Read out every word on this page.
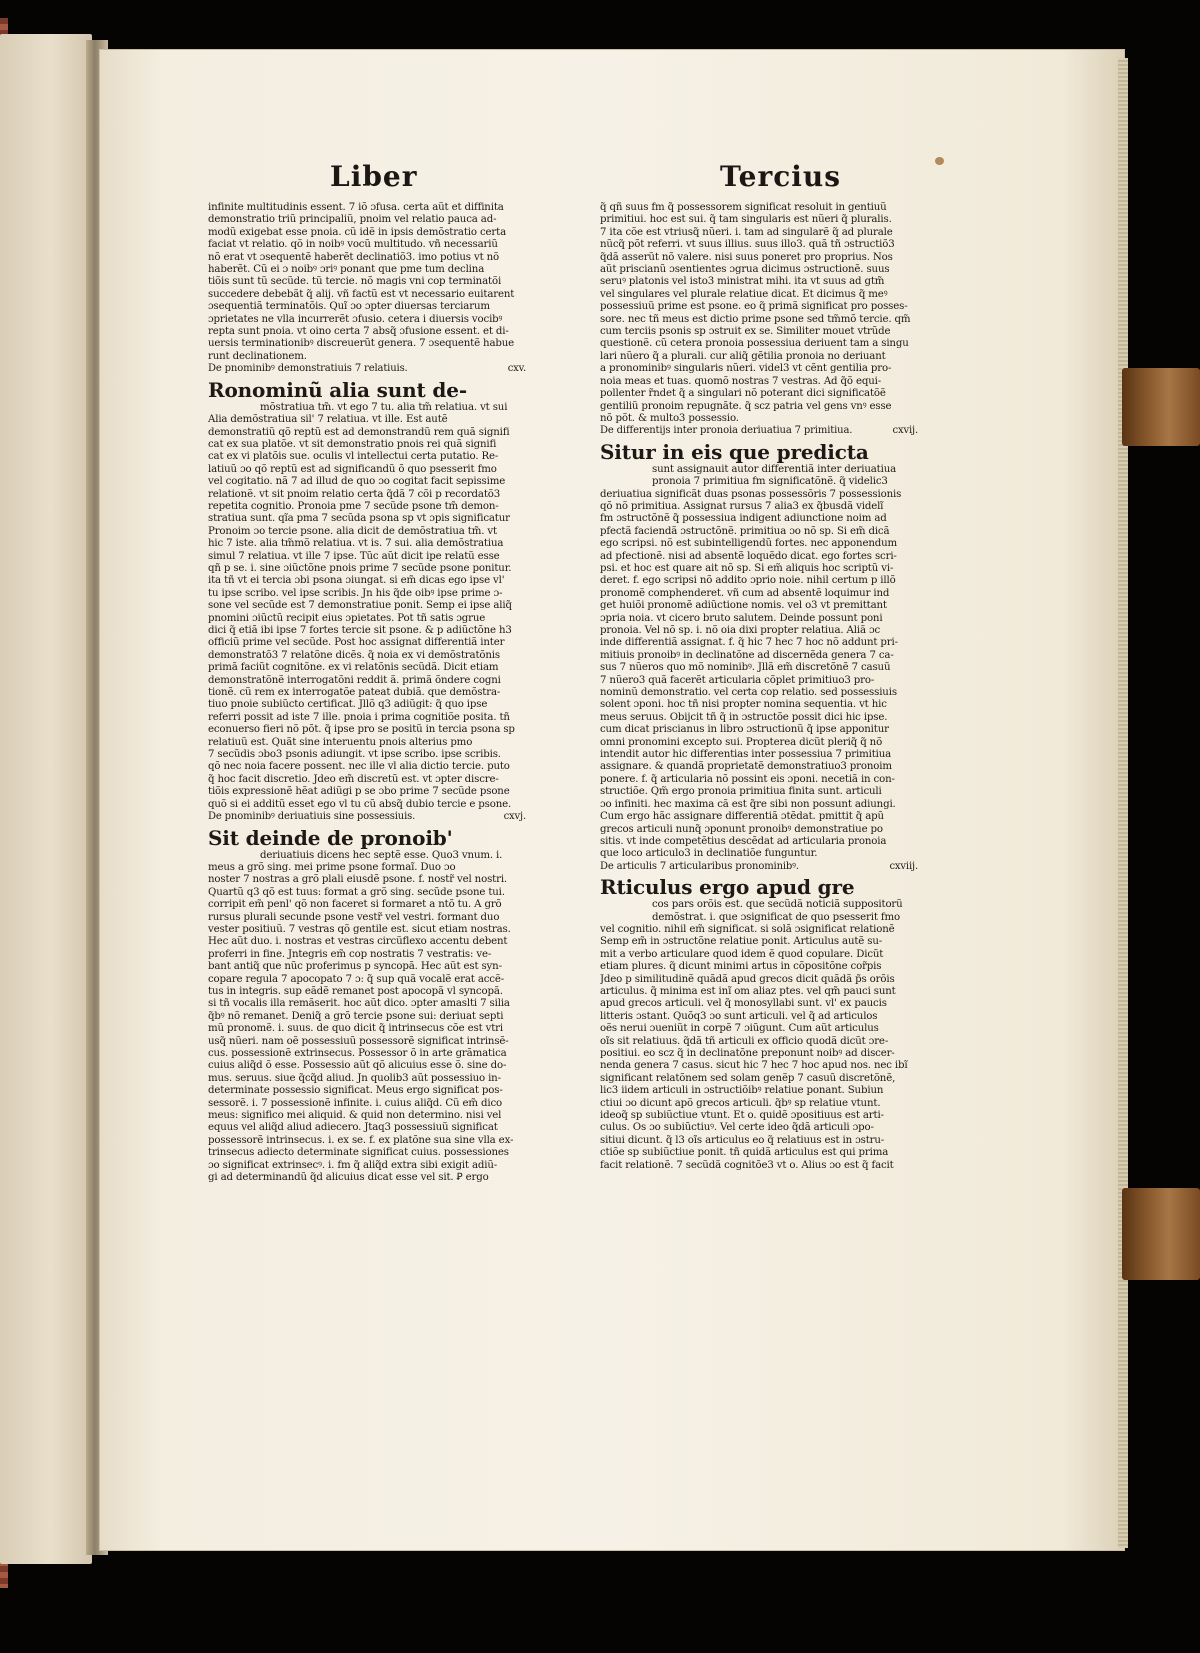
Liber	Tercius
infinite multitudinis essent. 7 iõ ɔfusa. certa aũt et diffinita
demonstratio triũ principaliũ, pnoim vel relatio pauca ad-
modũ exigebat esse pnoia. cũ idẽ in ipsis demõstratio certa
faciat vt relatio. qõ in noibꝰ vocũ multitudo. vñ necessariũ
nõ erat vt ɔsequentẽ haberẽt declinatiõ3. imo potius vt nõ
haberẽt. Cũ ei ɔ noibꝰ ɔriꝰ ponant que pme tum declina
tiõis sunt tũ secũde. tũ tercie. nõ magis vni cop terminatõi
succedere debebãt q̃ alij. vñ factũ est vt necessario euitarent
ɔsequentiã terminatõis. Quĩ ɔo ɔpter diuersas terciarum
ɔprietates ne vlla incurrerẽt ɔfusio. cetera i diuersis vocibꝰ
repta sunt pnoia. vt oino certa 7 absq̃ ɔfusione essent. et di-
uersis terminationibꝰ discreuerũt genera. 7 ɔsequentẽ habue
runt declinationem.
De pnominibꝰ demonstratiuis 7 relatiuis.	cxv.
Ronominũ alia sunt de-
mõstratiua tm̃. vt ego 7 tu. alia tm̃ relatiua. vt sui
Alia demõstratiua sil' 7 relatiua. vt ille. Est autẽ
demonstratiũ qõ reptũ est ad demonstrandũ rem quã signifi
cat ex sua platõe. vt sit demonstratio pnois rei quã signifi
cat ex vi platõis sue. oculis vl intellectui certa putatio. Re-
latiuũ ɔo qõ reptũ est ad significandũ õ quo psesserit fmo
vel cogitatio. nã 7 ad illud de quo ɔo cogitat facit sepissime
relationẽ. vt sit pnoim relatio certa q̃dã 7 cõi p recordatõ3
repetita cognitio. Pronoia pme 7 secũde psone tm̃ demon-
stratiua sunt. qĩa pma 7 secũda psona sp vt ɔpis significatur
Pronoim ɔo tercie psone. alia dicit de demõstratiua tm̃. vt
hic 7 iste. alia tm̃mõ relatiua. vt is. 7 sui. alia demõstratiua
simul 7 relatiua. vt ille 7 ipse. Tũc aũt dicit ipe relatũ esse
qñ p se. i. sine ɔiũctõne pnois prime 7 secũde psone ponitur.
ita tñ vt ei tercia ɔbi psona ɔiungat. si em̃ dicas ego ipse vl'
tu ipse scribo. vel ipse scribis. Jn his q̃de oibꝰ ipse prime ɔ-
sone vel secũde est 7 demonstratiue ponit. Semp ei ipse aliq̃
pnomini ɔiũctũ recipit eius ɔpietates. Pot tñ satis ɔgrue
dici q̃ etiã ibi ipse 7 fortes tercie sit psone. & p adiũctõne h3
officiũ prime vel secũde. Post hoc assignat differentiã inter
demonstratõ3 7 relatõne dicẽs. q̃ noia ex vi demõstratõnis
primã faciũt cognitõne. ex vi relatõnis secũdã. Dicit etiam
demonstratõnẽ interrogatõni reddit ã. primã õndere cogni
tionẽ. cũ rem ex interrogatõe pateat dubiã. que demõstra-
tiuo pnoie subiũcto certificat. Jllõ q3 adiũgit: q̃ quo ipse
referri possit ad iste 7 ille. pnoia i prima cognitiõe posita. tñ
econuerso fieri nõ põt. q̃ ipse pro se positũ in tercia psona sp
relatiuũ est. Quãt sine interuentu pnois alterius pmo
7 secũdis ɔbo3 psonis adiungit. vt ipse scribo. ipse scribis.
qõ nec noia facere possent. nec ille vl alia dictio tercie. puto
q̃ hoc facit discretio. Jdeo em̃ discretũ est. vt ɔpter discre-
tiõis expressionẽ hẽat adiũgi p se ɔbo prime 7 secũde psone
quõ si ei additũ esset ego vl tu cũ absq̃ dubio tercie e psone.
De pnominibꝰ deriuatiuis sine possessiuis.	cxvj.
Sit deinde de pronoib'
deriuatiuis dicens hec septẽ esse. Quo3 vnum. i.
meus a grõ sing. mei prime psone formaĩ. Duo ɔo
noster 7 nostras a grõ plali eiusdẽ psone. f. nostr̃ vel nostri.
Quartũ q3 qõ est tuus: format a grõ sing. secũde psone tui.
corripit em̃ penl' qõ non faceret si formaret a ntõ tu. A grõ
rursus plurali secunde psone vestr̃ vel vestri. formant duo
vester positiuũ. 7 vestras qõ gentile est. sicut etiam nostras.
Hec aũt duo. i. nostras et vestras circũflexo accentu debent
proferri in fine. Jntegris em̃ cop nostratis 7 vestratis: ve-
bant antiq̃ que nũc proferimus p syncopã. Hec aũt est syn-
copare regula 7 apocopato 7 ɔ: q̃ sup quã vocalẽ erat accẽ-
tus in integris. sup eãdẽ remanet post apocopã vl syncopã.
si tñ vocalis illa remãserit. hoc aũt dico. ɔpter amaslti 7 silia
q̃bꝰ nõ remanet. Deniq̃ a grõ tercie psone sui: deriuat septi
mũ pronomẽ. i. suus. de quo dicit q̃ intrinsecus cõe est vtri
usq̃ nũeri. nam oẽ possessiuũ possessorẽ significat intrinsẽ-
cus. possessionẽ extrinsecus. Possessor õ in arte grãmatica
cuius aliq̃d õ esse. Possessio aũt qõ alicuius esse õ. sine do-
mus. seruus. siue q̃cq̃d aliud. Jn quolib3 aũt possessiuo in-
determinate possessio significat. Meus ergo significat pos-
sessorẽ. i. 7 possessionẽ infinite. i. cuius aliq̃d. Cũ em̃ dico
meus: significo mei aliquid. & quid non determino. nisi vel
equus vel aliq̃d aliud adiecero. Jtaq3 possessiuũ significat
possessorẽ intrinsecus. i. ex se. f. ex platõne sua sine vlla ex-
trinsecus adiecto determinate significat cuius. possessiones
ɔo significat extrinsecꝰ. i. fm q̃ aliq̃d extra sibi exigit adiũ-
gi ad determinandũ q̃d alicuius dicat esse vel sit. Ꝑ ergo
q̃ qñ suus fm q̃ possessorem significat resoluit̃ in gentiuũ
primitiui. hoc est sui. q̃ tam singularis est nũeri q̃ pluralis.
7 ita cõe est vtriusq̃ nũeri. i. tam ad singularẽ q̃ ad plurale
nũcq̃ põt referri. vt suus illius. suus illo3. quã tñ ɔstructiõ3
q̃dã asserũt nõ valere. nisi suus poneret pro proprius. Nos
aũt priscianũ ɔsentientes ɔgrua dicimus ɔstructionẽ. suus
seruꝰ platonis vel isto3 ministrat mihi. ita vt suus ad gtm̃
vel singulares vel plurale relatiue dicat. Et dicimus q̃ meꝰ
possessiuũ prime est psone. eo q̃ primã significat pro posses-
sore. nec tñ meus est dictio prime psone sed tm̃mõ tercie. qm̃
cum terciis psonis sp ɔstruit ex se. Similiter mouet vtrũde
questionẽ. cũ cetera pronoia possessiua deriuent̃ tam a singu
lari nũero q̃ a plurali. cur aliq̃ gẽtilia pronoia no deriuant̃
a pronominibꝰ singularis nũeri. videl3 vt cẽnt gentilia pro-
noia meas et tuas. quomõ nostras 7 vestras. Ad q̃õ equi-
pollenter r̃ndet q̃ a singulari nõ poterant dici significatõẽ
gentiliũ pronoim repugnãte. q̃ scz patria vel gens vnꝰ esse
nõ põt. & multo3 possessio.
De differentijs inter pronoia deriuatiua 7 primitiua.	cxvij.
Situr in eis que predicta
sunt assignauit autor differentiã inter deriuatiua
pronoia 7 primitiua fm significatõnẽ. q̃ videlic3
deriuatiua significãt duas psonas possessõris 7 possessionis
qõ nõ primitiua. Assignat rursus 7 alia3 ex q̃busdã videlĩ
fm ɔstructõnẽ q̃ possessiua indigent adiunctione noim ad
pfectã faciendã ɔstructõnẽ. primitiua ɔo nõ sp. Si em̃ dicã
ego scripsi. nõ est subintelligendũ fortes. nec apponendum
ad pfectionẽ. nisi ad absentẽ loquẽdo dicat. ego fortes scri-
psi. et hoc est quare ait nõ sp. Si em̃ aliquis hoc scriptũ vi-
deret. f. ego scripsi nõ addito ɔprio noie. nihil certum p illõ
pronomẽ comphenderet. vñ cum ad absentẽ loquimur ind̃
get huiõi pronomẽ adiũctione nomis. vel o3 vt premittant̃
ɔpria noia. vt cicero bruto salutem. Deinde possunt poni
pronoia. Vel nõ sp. i. nõ oia dixi propter relatiua. Aliã ɔc
inde differentiã assignat. f. q̃ hic 7 hec 7 hoc nõ addunt pri-
mitiuis pronoibꝰ in declinatõne ad discernẽda genera 7 ca-
sus 7 nũeros quo mõ nominibꝰ. Jllã em̃ discretõnẽ 7 casuũ
7 nũero3 quã facerẽt articularia cõplet primitiuo3 pro-
nominũ demonstratio. vel certa cop relatio. sed possessiuis
solent ɔponi. hoc tñ nisi propter nomina sequentia. vt hic
meus seruus. Obijcit tñ q̃ in ɔstructõe possit dici hic ipse.
cum dicat priscianus in libro ɔstructionũ q̃ ipse apponitur
omni pronomini excepto sui. Propterea dicũt pleriq̃ q̃ nõ
intendit autor hic differentias inter possessiua 7 primitiua
assignare. & quandã proprietatẽ demonstratiuo3 pronoim
ponere. f. q̃ articularia nõ possint eis ɔponi. necetiã in con-
structiõe. Qm̃ ergo pronoia primitiua finita sunt. articuli
ɔo infiniti. hec maxima cã est q̃re sibi non possunt adiungi.
Cum ergo hãc assignare differentiã ɔtẽdat. pmittit q̃ apũ
grecos articuli nunq̃ ɔponunt̃ pronoibꝰ demonstratiue po
sitis. vt inde competẽtius descẽdat ad articularia pronoia
que loco articulo3 in declinatiõe funguntur.
De articulis 7 articularibus pronominibꝰ.	cxviij.
Rticulus ergo apud gre
cos pars orõis est. que secũdã noticiã suppositorũ
demõstrat. i. que ɔsignificat de quo psesserit fmo
vel cognitio. nihil em̃ significat. si solã ɔsignificat relationẽ
Semp em̃ in ɔstructõne relatiue ponit. Articulus autẽ su-
mit a verbo articulare quod idem ẽ quod copulare. Dicũt
etiam plures. q̃ dicunt̃ minimi artus in cõpositõne cor̃pis
Jdeo p similitudinẽ quãdã apud grecos dicit quãdã p̃s orõis
articulus. q̃ minima est inĩ om aliaz ptes. vel qm̃ pauci sunt
apud grecos articuli. vel q̃ monosyllabi sunt. vl' ex paucis
litteris ɔstant. Quõq3 ɔo sunt articuli. vel q̃ ad articulos
oẽs nerui ɔueniũt in corpẽ 7 ɔiũgunt. Cum aũt articulus
oĩs sit relatiuus. q̃dã tñ articuli ex officio quodã dicũt ɔre-
positiui. eo scz q̃ in declinatõne preponunt̃ noibꝰ ad discer-
nenda genera 7 casus. sicut hic 7 hec 7 hoc apud nos. nec ibĩ
significant relatõnem sed solam genẽp 7 casuũ discretõnẽ,
lic3 iidem articuli in ɔstructiõibꝰ relatiue ponant̃. Subiun
ctiui ɔo dicunt̃ apõ grecos articuli. q̃bꝰ sp relatiue vtunt̃.
ideoq̃ sp subiũctiue vtunt̃. Et o. quidẽ ɔpositiuus est arti-
culus. Os ɔo subiũctiuꝰ. Vel certe ideo q̃dã articuli ɔpo-
sitiui dicunt̃. q̃ l3 oĩs articulus eo q̃ relatiuus est in ɔstru-
ctiõe sp subiũctiue ponit̃. tñ quidã articulus est qui prima
facit relationẽ. 7 secũdã cognitõe3 vt o. Alius ɔo est q̃ facit
